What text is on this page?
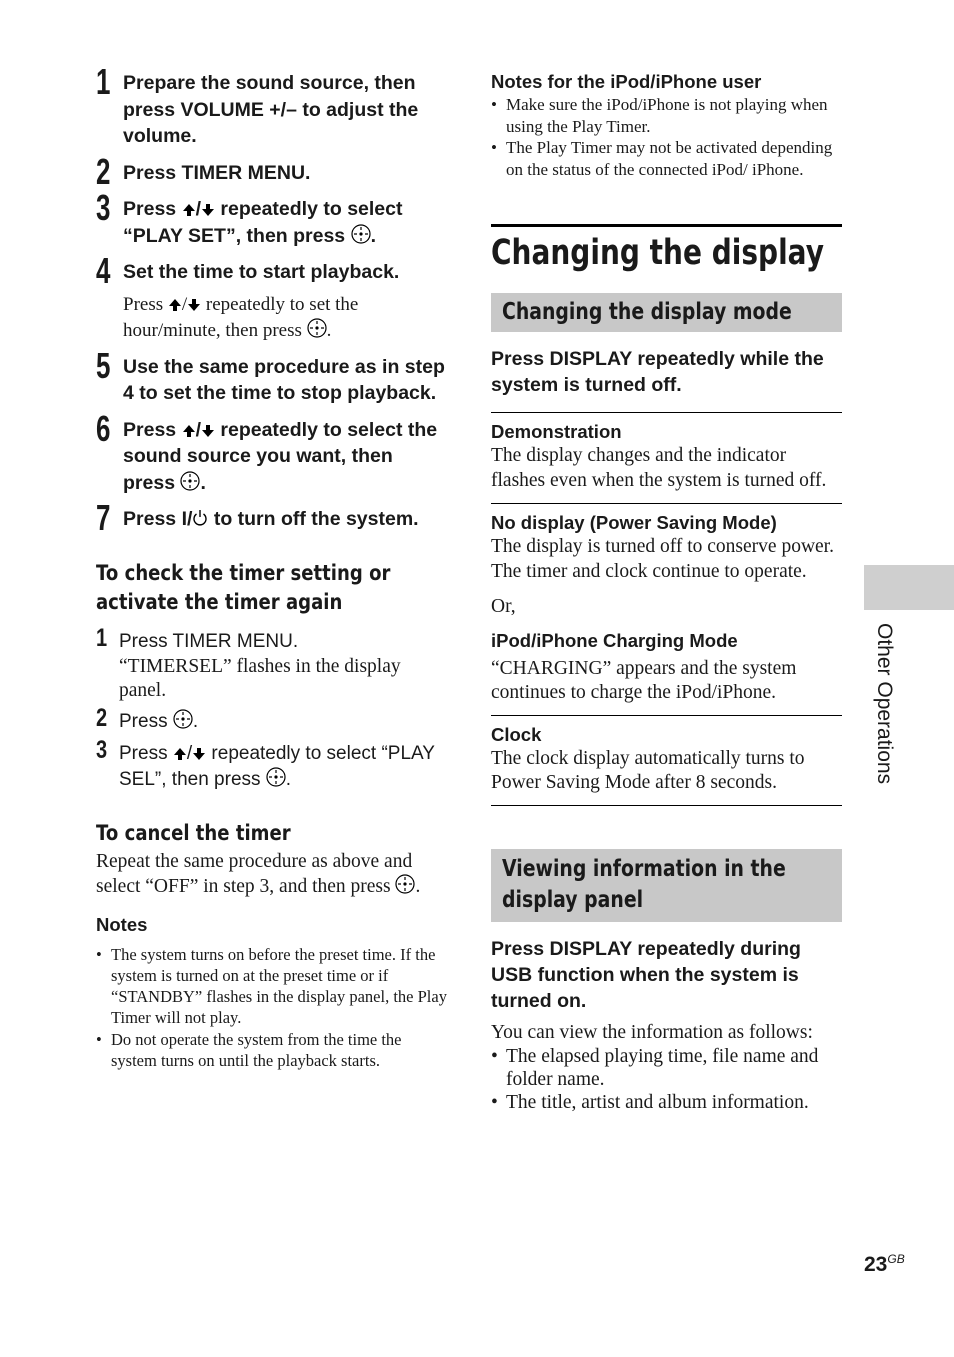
1 Prepare the sound source, then press VOLUME +/– to adjust the volume.
2 Press TIMER MENU.
3 Press / repeatedly to select “PLAY SET”, then press .
4 Set the time to start playback.
Press / repeatedly to set the hour/minute, then press .
5 Use the same procedure as in step 4 to set the time to stop playback.
6 Press / repeatedly to select the sound source you want, then press .
7 Press I/ to turn off the system.
To check the timer setting or activate the timer again
1 Press TIMER MENU.
“TIMERSEL” flashes in the display panel.
2 Press .
3 Press / repeatedly to select “PLAY SEL”, then press .
To cancel the timer
Repeat the same procedure as above and select “OFF” in step 3, and then press .
Notes
• The system turns on before the preset time. If the system is turned on at the preset time or if “STANDBY” flashes in the display panel, the Play Timer will not play.
• Do not operate the system from the time the system turns on until the playback starts.
Notes for the iPod/iPhone user
• Make sure the iPod/iPhone is not playing when using the Play Timer.
• The Play Timer may not be activated depending on the status of the connected iPod/ iPhone.
Changing the display
Changing the display mode
Press DISPLAY repeatedly while the system is turned off.
Demonstration
The display changes and the indicator flashes even when the system is turned off.
No display (Power Saving Mode)
The display is turned off to conserve power. The timer and clock continue to operate.
Or,
iPod/iPhone Charging Mode
“CHARGING” appears and the system continues to charge the iPod/iPhone.
Clock
The clock display automatically turns to Power Saving Mode after 8 seconds.
Viewing information in the display panel
Press DISPLAY repeatedly during USB function when the system is turned on.
You can view the information as follows:
• The elapsed playing time, file name and folder name.
• The title, artist and album information.
Other Operations
$23^{GB}$
